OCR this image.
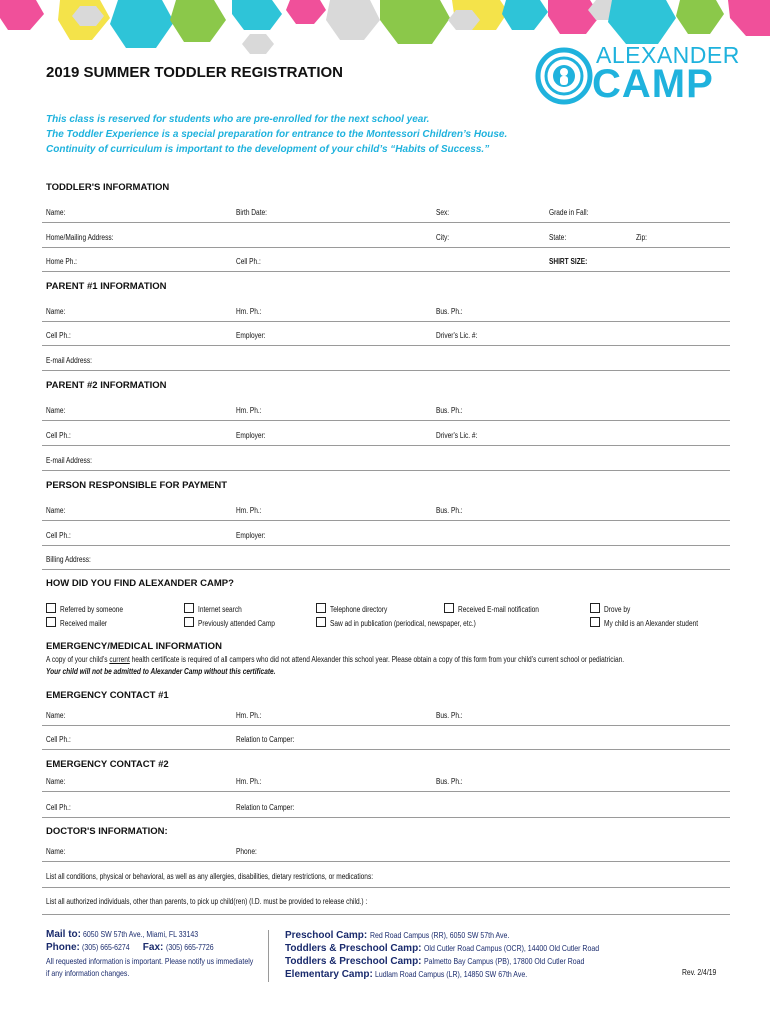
ALEXANDER
CAMP
2019 SUMMER TODDLER REGISTRATION
This class is reserved for students who are pre-enrolled for the next school year.
The Toddler Experience is a special preparation for entrance to the Montessori Children’s House.
Continuity of curriculum is important to the development of your child’s “Habits of Success.”
TODDLER'S INFORMATION
Name:	Birth Date:	Sex:	Grade in Fall:
Home/Mailing Address:	City:	State:	Zip:
Home Ph.:	Cell Ph.:	SHIRT SIZE:
PARENT #1 INFORMATION
Name:	Hm. Ph.:	Bus. Ph.:
Cell Ph.:	Employer:	Driver's Lic. #:
E-mail Address:
PARENT #2 INFORMATION
Name:	Hm. Ph.:	Bus. Ph.:
Cell Ph.:	Employer:	Driver's Lic. #:
E-mail Address:
PERSON RESPONSIBLE FOR PAYMENT
Name:	Hm. Ph.:	Bus. Ph.:
Cell Ph.:	Employer:
Billing Address:
HOW DID YOU FIND ALEXANDER CAMP?
Referred by someone
Received mailer
Internet search
Previously attended Camp
Telephone directory
Saw ad in publication (periodical, newspaper, etc.)
Received E-mail notification	Drove by
My child is an Alexander student
EMERGENCY/MEDICAL INFORMATION
A copy of your child’s current health certificate is required of all campers who did not attend Alexander this school year. Please obtain a copy of this form from your child’s current school or pediatrician.
Your child will not be admitted to Alexander Camp without this certificate.
EMERGENCY CONTACT #1
Name:	Hm. Ph.:	Bus. Ph.:
Cell Ph.:	Relation to Camper:
EMERGENCY CONTACT #2
Name:	Hm. Ph.:	Bus. Ph.:
Cell Ph.:	Relation to Camper:
DOCTOR'S INFORMATION:
Name:	Phone:
List all conditions, physical or behavioral, as well as any allergies, disabilities, dietary restrictions, or medications:
List all authorized individuals, other than parents, to pick up child(ren) (I.D. must be provided to release child.) :
Mail to: 6050 SW 57th Ave., Miami, FL 33143
Phone: (305) 665-6274 Fax: (305) 665-7726
All requested information is important. Please notify us immediately
if any information changes.
Preschool Camp: Red Road Campus (RR), 6050 SW 57th Ave.
Toddlers & Preschool Camp: Old Cutler Road Campus (OCR), 14400 Old Cutler Road
Toddlers & Preschool Camp: Palmetto Bay Campus (PB), 17800 Old Cutler Road
Elementary Camp: Ludlam Road Campus (LR), 14850 SW 67th Ave.	Rev. 2/4/19
